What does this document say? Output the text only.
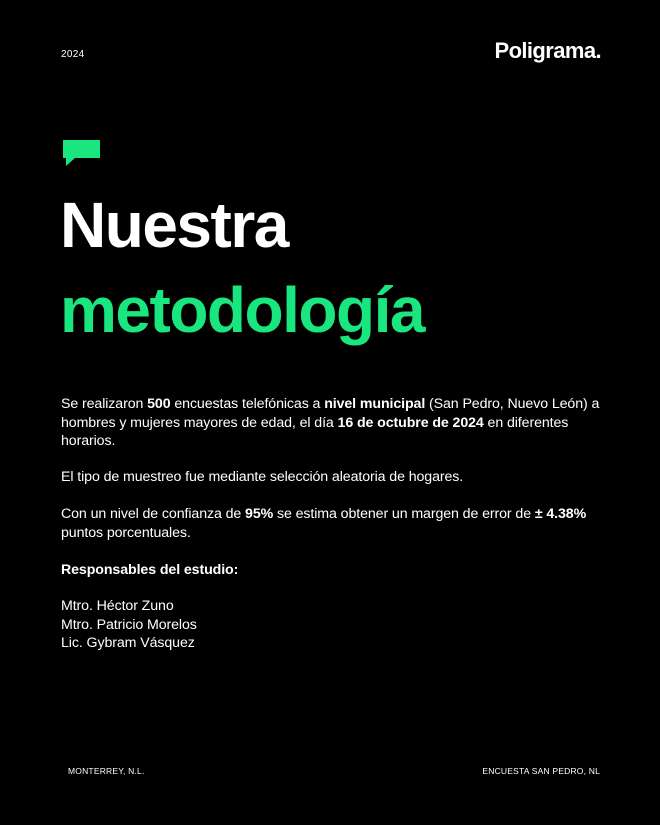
2024	Poligrama.
Nuestra
metodología
Se realizaron 500 encuestas telefónicas a nivel municipal (San Pedro, Nuevo León) a hombres y mujeres mayores de edad, el día 16 de octubre de 2024 en diferentes horarios.
El tipo de muestreo fue mediante selección aleatoria de hogares.
Con un nivel de confianza de 95% se estima obtener un margen de error de ± 4.38% puntos porcentuales.
Responsables del estudio:
Mtro. Héctor Zuno
Mtro. Patricio Morelos
Lic. Gybram Vásquez
MONTERREY, N.L.	ENCUESTA SAN PEDRO, NL
